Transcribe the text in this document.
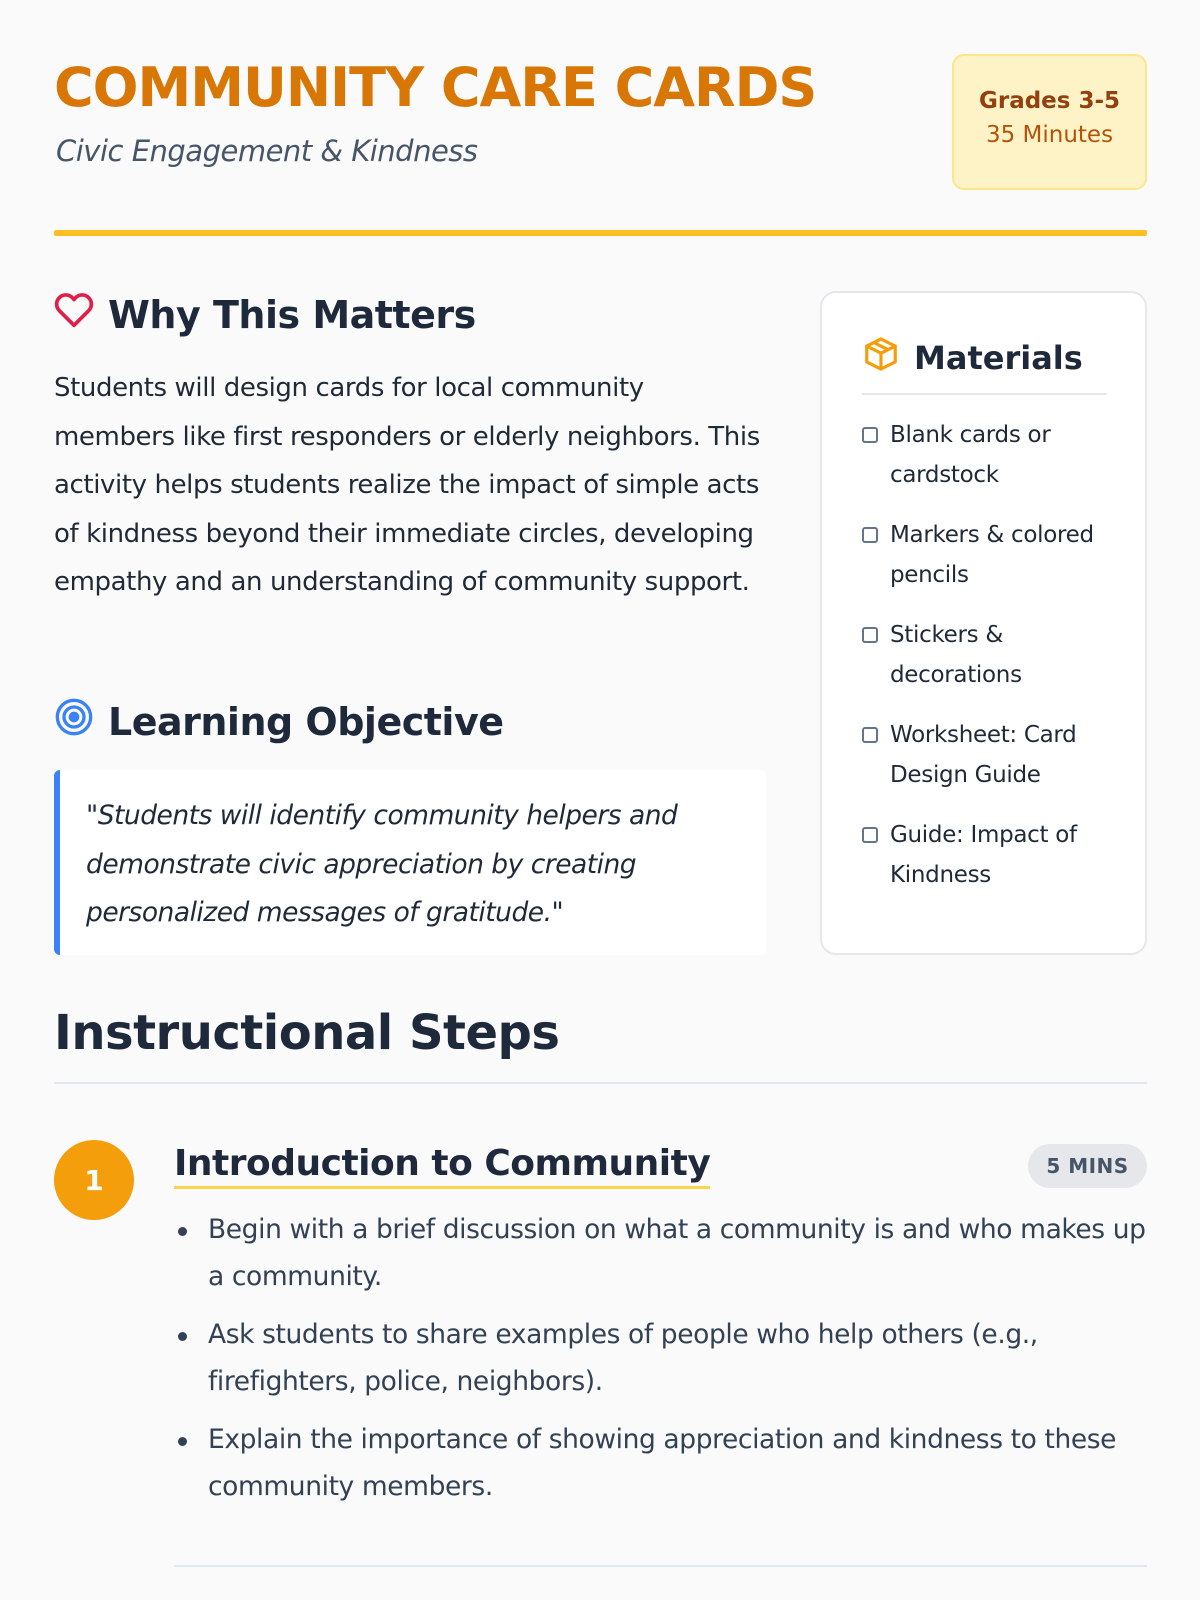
COMMUNITY CARE CARDS
Civic Engagement & Kindness
Grades 3-5
35 Minutes
Why This Matters

Students will design cards for local community members like first responders or elderly neighbors. This activity helps students realize the impact of simple acts of kindness beyond their immediate circles, developing empathy and an understanding of community support.

Learning Objective

"Students will identify community helpers and demonstrate civic appreciation by creating personalized messages of gratitude."

Materials
Blank cards or cardstock
Markers & colored pencils
Stickers & decorations
Worksheet: Card Design Guide
Guide: Impact of Kindness
Instructional Steps
1	Introduction to Community	5 MINS
Begin with a brief discussion on what a community is and who makes up a community.
Ask students to share examples of people who help others (e.g., firefighters, police, neighbors).
Explain the importance of showing appreciation and kindness to these community members.
